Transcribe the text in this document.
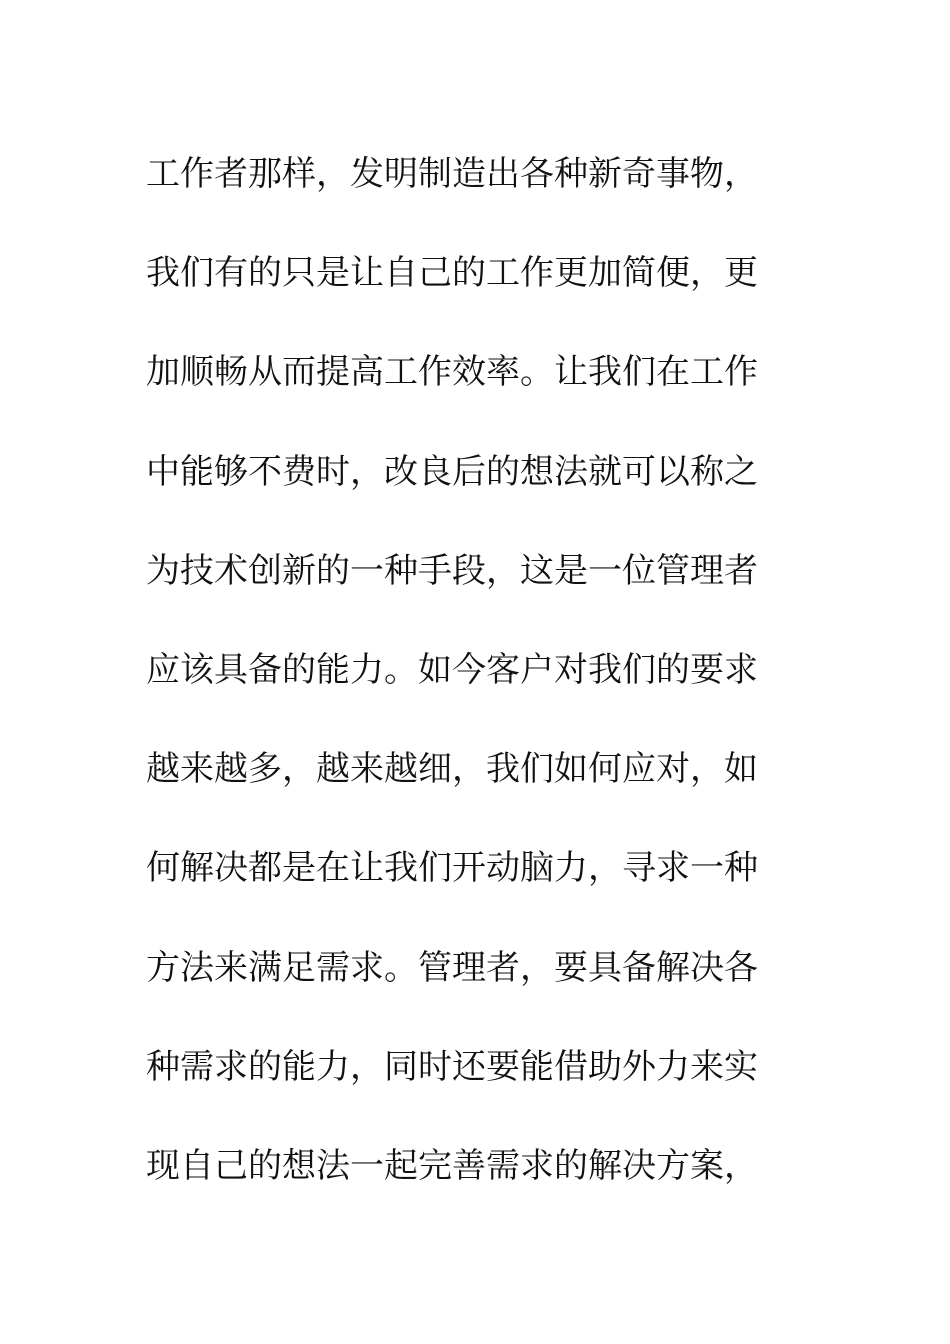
工作者那样，发明制造出各种新奇事物，
我们有的只是让自己的工作更加简便，更
加顺畅从而提高工作效率。让我们在工作
中能够不费时，改良后的想法就可以称之
为技术创新的一种手段，这是一位管理者
应该具备的能力。如今客户对我们的要求
越来越多，越来越细，我们如何应对，如
何解决都是在让我们开动脑力，寻求一种
方法来满足需求。管理者，要具备解决各
种需求的能力，同时还要能借助外力来实
现自己的想法一起完善需求的解决方案，
